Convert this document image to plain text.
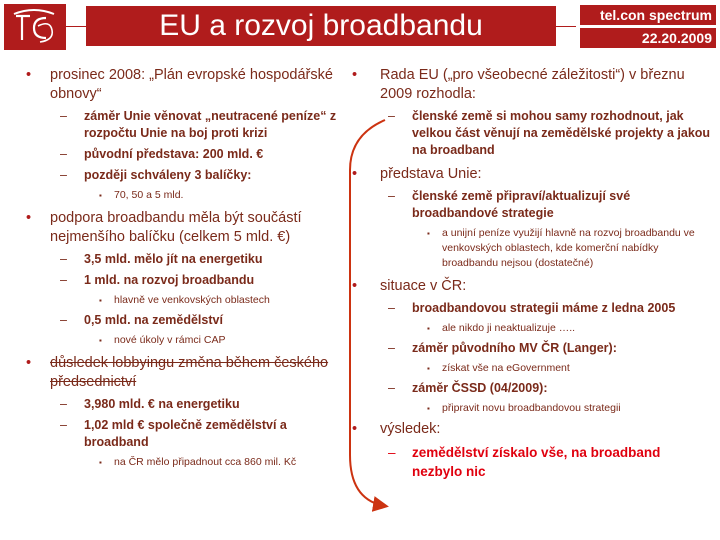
EU a rozvoj broadbandu	tel.con spectrum
22.20.2009
• prosinec 2008: „Plán evropské hospodářské obnovy“
– záměr Unie věnovat „neutracené peníze“ z rozpočtu Unie na boj proti krizi
– původní představa: 200 mld. €
– později schváleny 3 balíčky:
▪ 70, 50 a 5 mld.
• podpora broadbandu měla být součástí nejmenšího balíčku (celkem 5 mld. €)
– 3,5 mld. mělo jít na energetiku
– 1 mld. na rozvoj broadbandu
▪ hlavně ve venkovských oblastech
– 0,5 mld. na zemědělství
▪ nové úkoly v rámci CAP
• důsledek lobbyingu změna během českého předsednictví
– 3,980 mld. € na energetiku
– 1,02 mld € společně zemědělství a broadband
▪ na ČR mělo připadnout cca 860 mil. Kč
• Rada EU („pro všeobecné záležitosti“) v březnu 2009 rozhodla:
– členské země si mohou samy rozhodnout, jak velkou část věnují na zemědělské projekty a jakou na broadband
• představa Unie:
– členské země připraví/aktualizují své broadbandové strategie
▪ a unijní peníze využijí hlavně na rozvoj broadbandu ve venkovských oblastech, kde komerční nabídky broadbandu nejsou (dostatečné)
• situace v ČR:
– broadbandovou strategii máme z ledna 2005
▪ ale nikdo ji neaktualizuje …..
– záměr původního MV ČR (Langer):
▪ získat vše na eGovernment
– záměr ČSSD (04/2009):
▪ připravit novu broadbandovou strategii
• výsledek:
– zemědělství získalo vše, na broadband nezbylo nic
